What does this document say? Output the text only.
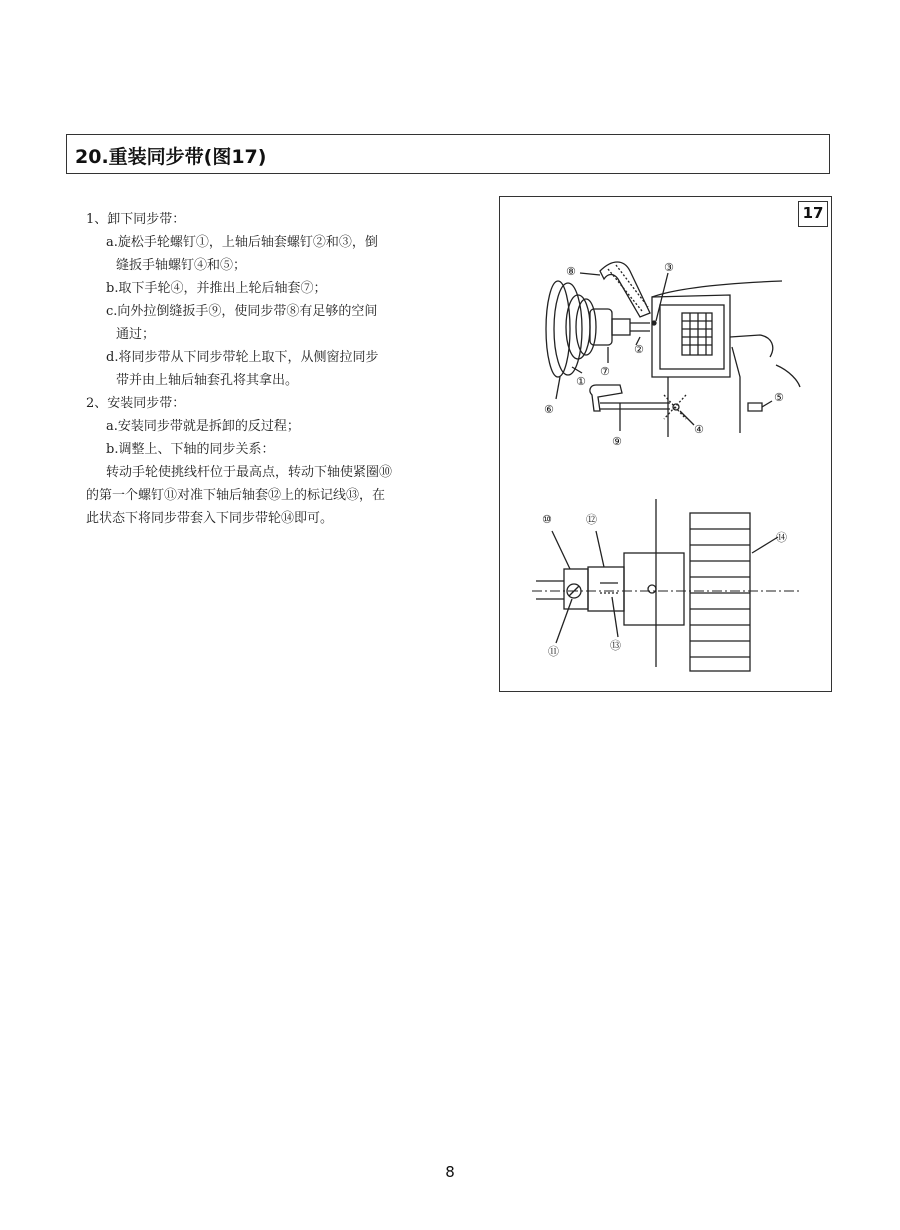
20.重装同步带(图17)
1、卸下同步带：
a.旋松手轮螺钉①，上轴后轴套螺钉②和③，倒
缝扳手轴螺钉④和⑤；
b.取下手轮④，并推出上轮后轴套⑦；
c.向外拉倒缝扳手⑨，使同步带⑧有足够的空间
通过；
d.将同步带从下同步带轮上取下，从侧窗拉同步
带并由上轴后轴套孔将其拿出。
2、安装同步带：
a.安装同步带就是拆卸的反过程；
b.调整上、下轴的同步关系：
转动手轮使挑线杆位于最高点，转动下轴使紧圈⑩
的第一个螺钉⑪对准下轴后轴套⑫上的标记线⑬，在
此状态下将同步带套入下同步带轮⑭即可。
17
⑧	③
②
①
⑦
⑥
⑨
④
⑤
⑩	⑫
⑭
⑪	⑬
8
